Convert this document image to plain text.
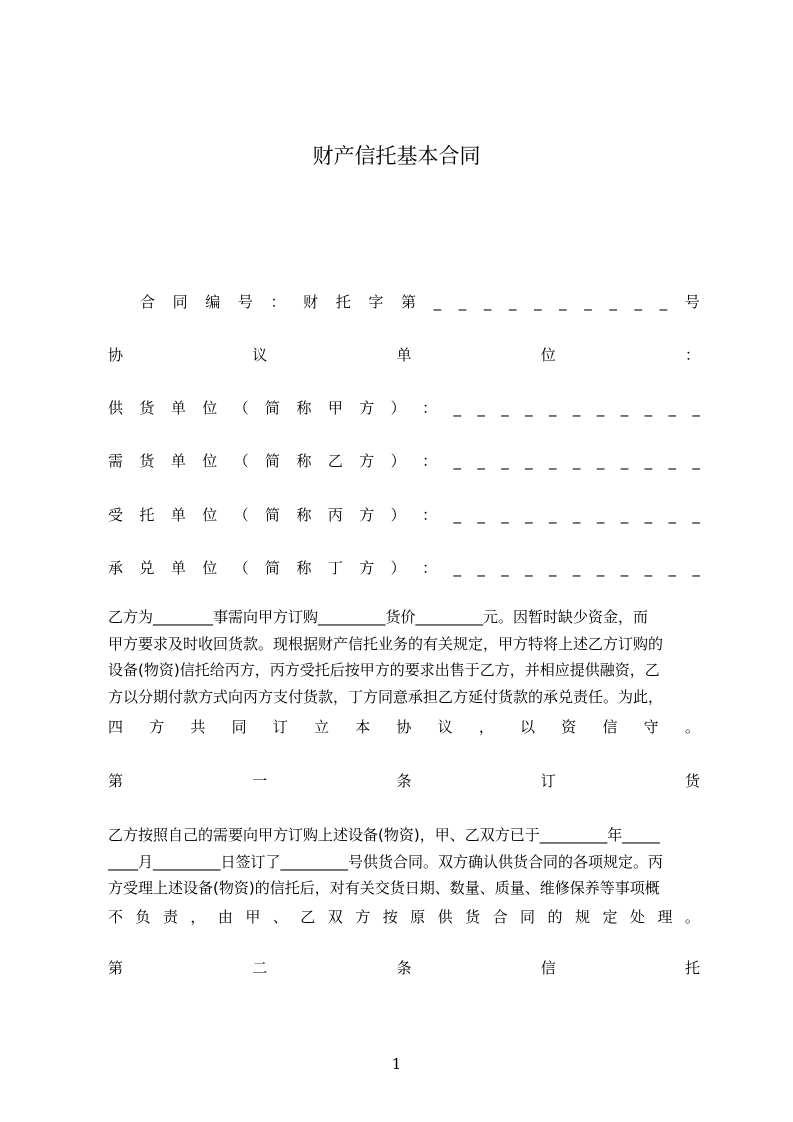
财产信托基本合同
合 同 编 号 ： 财 托 字 第 _ _ _ _ _ _ _ _ _ _ 号
协	议	单	位	：
供 货 单 位 （ 简 称 甲 方 ） ： _ _ _ _ _ _ _ _ _ _ _
需 货 单 位 （ 简 称 乙 方 ） ： _ _ _ _ _ _ _ _ _ _ _
受 托 单 位 （ 简 称 丙 方 ） ： _ _ _ _ _ _ _ _ _ _ _
承 兑 单 位 （ 简 称 丁 方 ） ： _ _ _ _ _ _ _ _ _ _ _
乙方为________事需向甲方订购_________货价_________元。因暂时缺少资金，而
甲方要求及时收回货款。现根据财产信托业务的有关规定，甲方特将上述乙方订购的
设备(物资)信托给丙方，丙方受托后按甲方的要求出售于乙方，并相应提供融资，乙
方以分期付款方式向丙方支付货款，丁方同意承担乙方延付货款的承兑责任。为此，
四 方 共 同 订 立 本 协 议 ， 以 资 信 守 。
第	一	条	订	货
乙方按照自己的需要向甲方订购上述设备(物资)，甲、乙双方已于_________年_____
____月_________日签订了_________号供货合同。双方确认供货合同的各项规定。丙
方受理上述设备(物资)的信托后，对有关交货日期、数量、质量、维修保养等事项概
不 负 责 ， 由 甲 、 乙 双 方 按 原 供 货 合 同 的 规 定 处 理 。
第	二	条	信	托
1
